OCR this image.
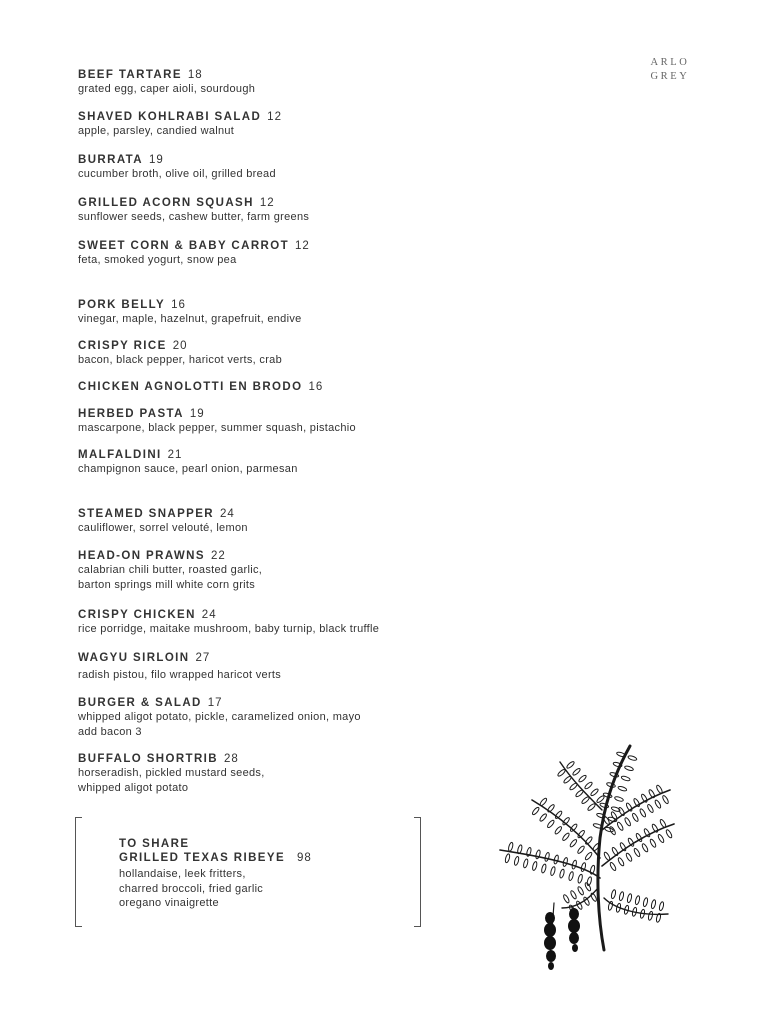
ARLO
GREY
BEEF TARTARE 18
grated egg, caper aioli, sourdough
SHAVED KOHLRABI SALAD 12
apple, parsley, candied walnut
BURRATA 19
cucumber broth, olive oil, grilled bread
GRILLED ACORN SQUASH 12
sunflower seeds, cashew butter, farm greens
SWEET CORN & BABY CARROT 12
feta, smoked yogurt, snow pea
PORK BELLY 16
vinegar, maple, hazelnut, grapefruit, endive
CRISPY RICE 20
bacon, black pepper, haricot verts, crab
CHICKEN AGNOLOTTI EN BRODO 16
HERBED PASTA 19
mascarpone, black pepper, summer squash, pistachio
MALFALDINI 21
champignon sauce, pearl onion, parmesan
STEAMED SNAPPER 24
cauliflower, sorrel velouté, lemon
HEAD-ON PRAWNS 22
calabrian chili butter, roasted garlic,
barton springs mill white corn grits
CRISPY CHICKEN 24
rice porridge, maitake mushroom, baby turnip, black truffle
WAGYU SIRLOIN 27
radish pistou, filo wrapped haricot verts
BURGER & SALAD 17
whipped aligot potato, pickle, caramelized onion, mayo
add bacon 3
BUFFALO SHORTRIB 28
horseradish, pickled mustard seeds,
whipped aligot potato
TO SHARE
GRILLED TEXAS RIBEYE 98
hollandaise, leek fritters,
charred broccoli, fried garlic
oregano vinaigrette
